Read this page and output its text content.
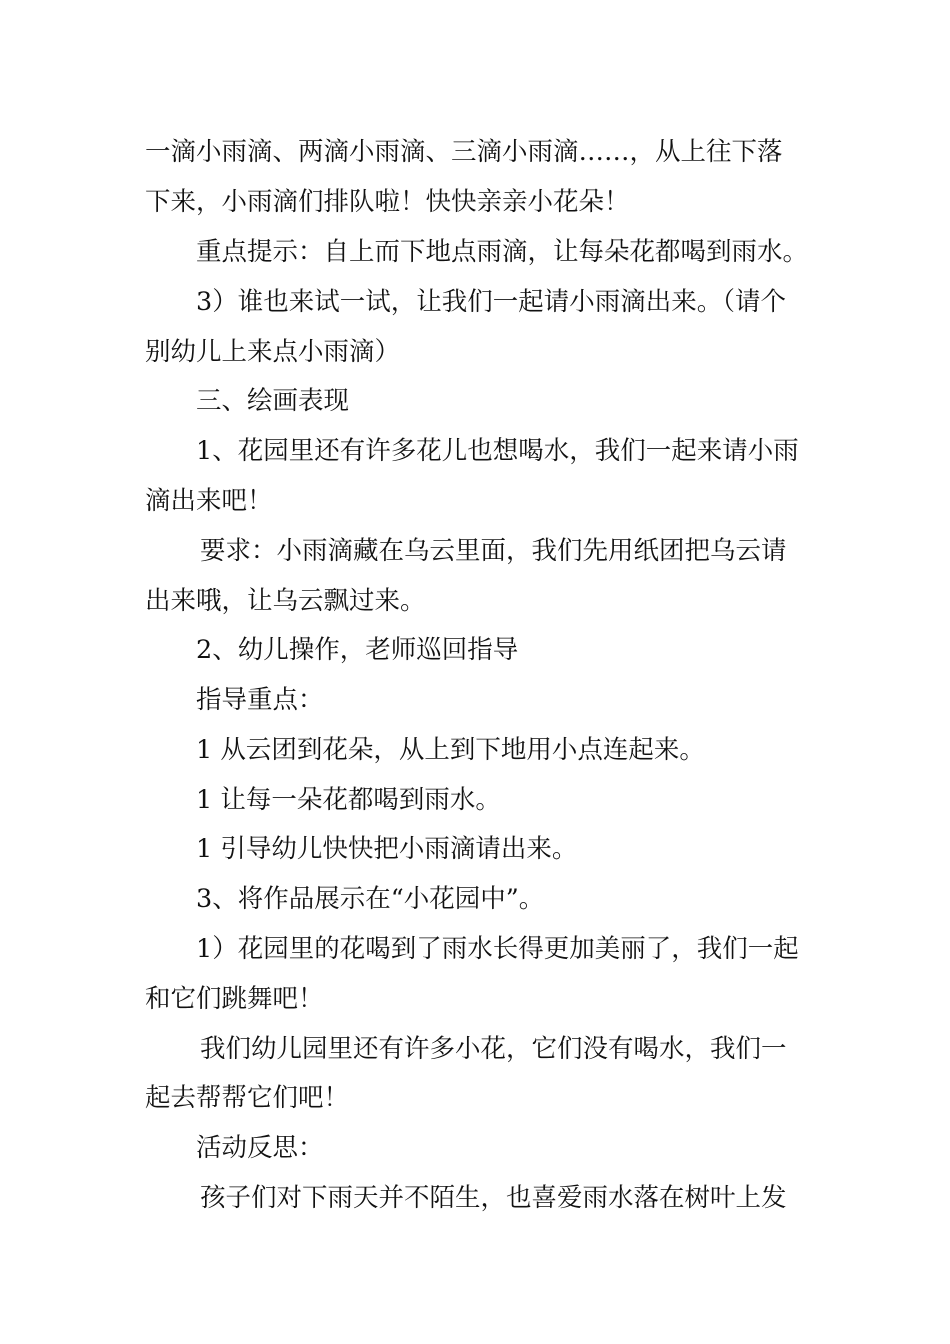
一滴小雨滴、两滴小雨滴、三滴小雨滴……，从上往下落
下来，小雨滴们排队啦！快快亲亲小花朵！
重点提示：自上而下地点雨滴，让每朵花都喝到雨水。
3）谁也来试一试，让我们一起请小雨滴出来。（请个
别幼儿上来点小雨滴）
三、绘画表现
1、花园里还有许多花儿也想喝水，我们一起来请小雨
滴出来吧！
要求：小雨滴藏在乌云里面，我们先用纸团把乌云请
出来哦，让乌云飘过来。
2、幼儿操作，老师巡回指导
指导重点：
1 从云团到花朵，从上到下地用小点连起来。
1 让每一朵花都喝到雨水。
1 引导幼儿快快把小雨滴请出来。
3、将作品展示在“小花园中”。
1）花园里的花喝到了雨水长得更加美丽了，我们一起
和它们跳舞吧！
我们幼儿园里还有许多小花，它们没有喝水，我们一
起去帮帮它们吧！
活动反思：
孩子们对下雨天并不陌生，也喜爱雨水落在树叶上发
